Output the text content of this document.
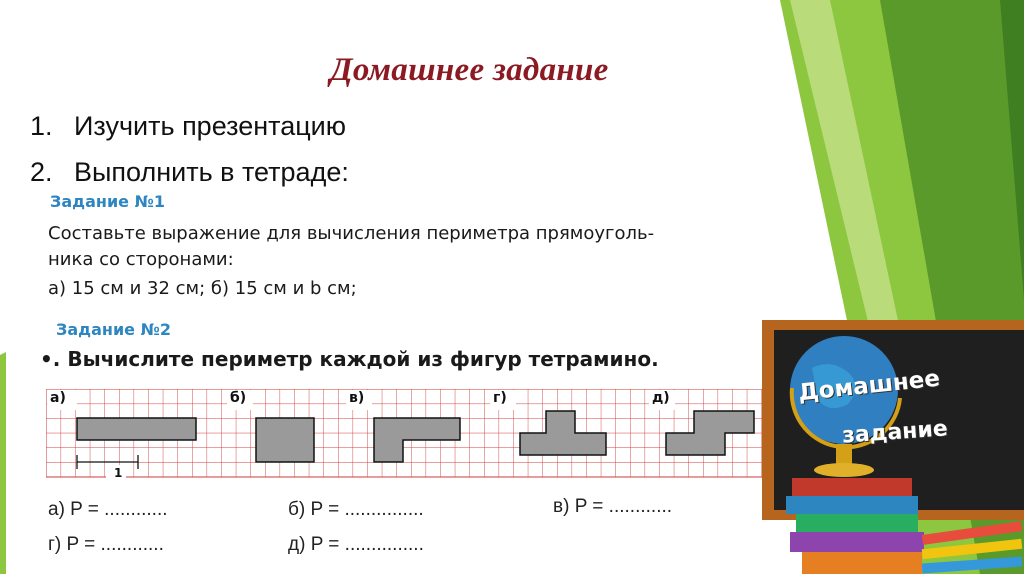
Домашнее задание
1. Изучить презентацию
2. Выполнить в тетраде:
Задание №1
Составьте выражение для вычисления периметра прямоуголь-
ника со сторонами:
а) 15 см и 32 см; б) 15 см и b см;
Задание №2
•. Вычислите периметр каждой из фигур тетрамино.
1
а)	б)	в)	г)	д)
а) P = ............	б) P = ...............	в) P = ............
г) P = ............	д) P = ...............
Домашнее
задание
